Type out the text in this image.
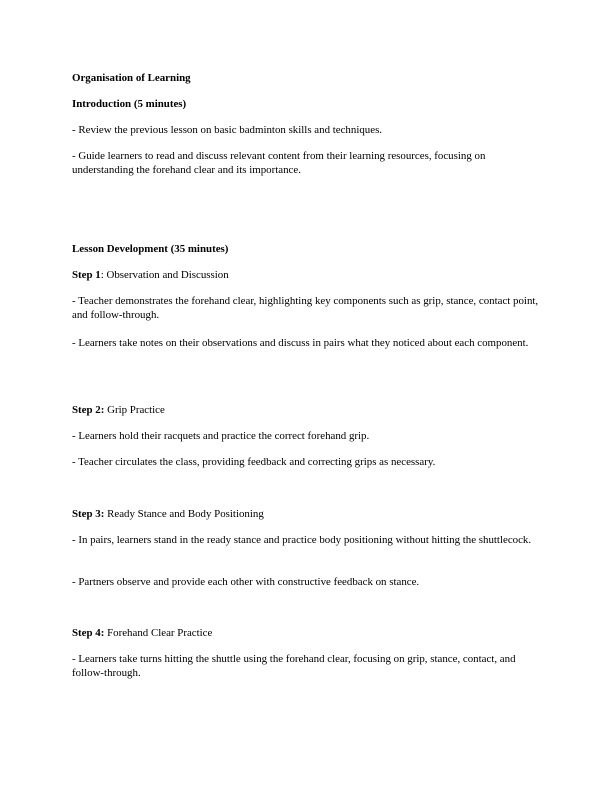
Organisation of Learning

Introduction (5 minutes)

- Review the previous lesson on basic badminton skills and techniques.

- Guide learners to read and discuss relevant content from their learning resources, focusing on understanding the forehand clear and its importance.

Lesson Development (35 minutes)

Step 1: Observation and Discussion

- Teacher demonstrates the forehand clear, highlighting key components such as grip, stance, contact point, and follow-through.

- Learners take notes on their observations and discuss in pairs what they noticed about each component.

Step 2: Grip Practice

- Learners hold their racquets and practice the correct forehand grip.

- Teacher circulates the class, providing feedback and correcting grips as necessary.

Step 3: Ready Stance and Body Positioning

- In pairs, learners stand in the ready stance and practice body positioning without hitting the shuttlecock.

- Partners observe and provide each other with constructive feedback on stance.

Step 4: Forehand Clear Practice

- Learners take turns hitting the shuttle using the forehand clear, focusing on grip, stance, contact, and follow-through.
